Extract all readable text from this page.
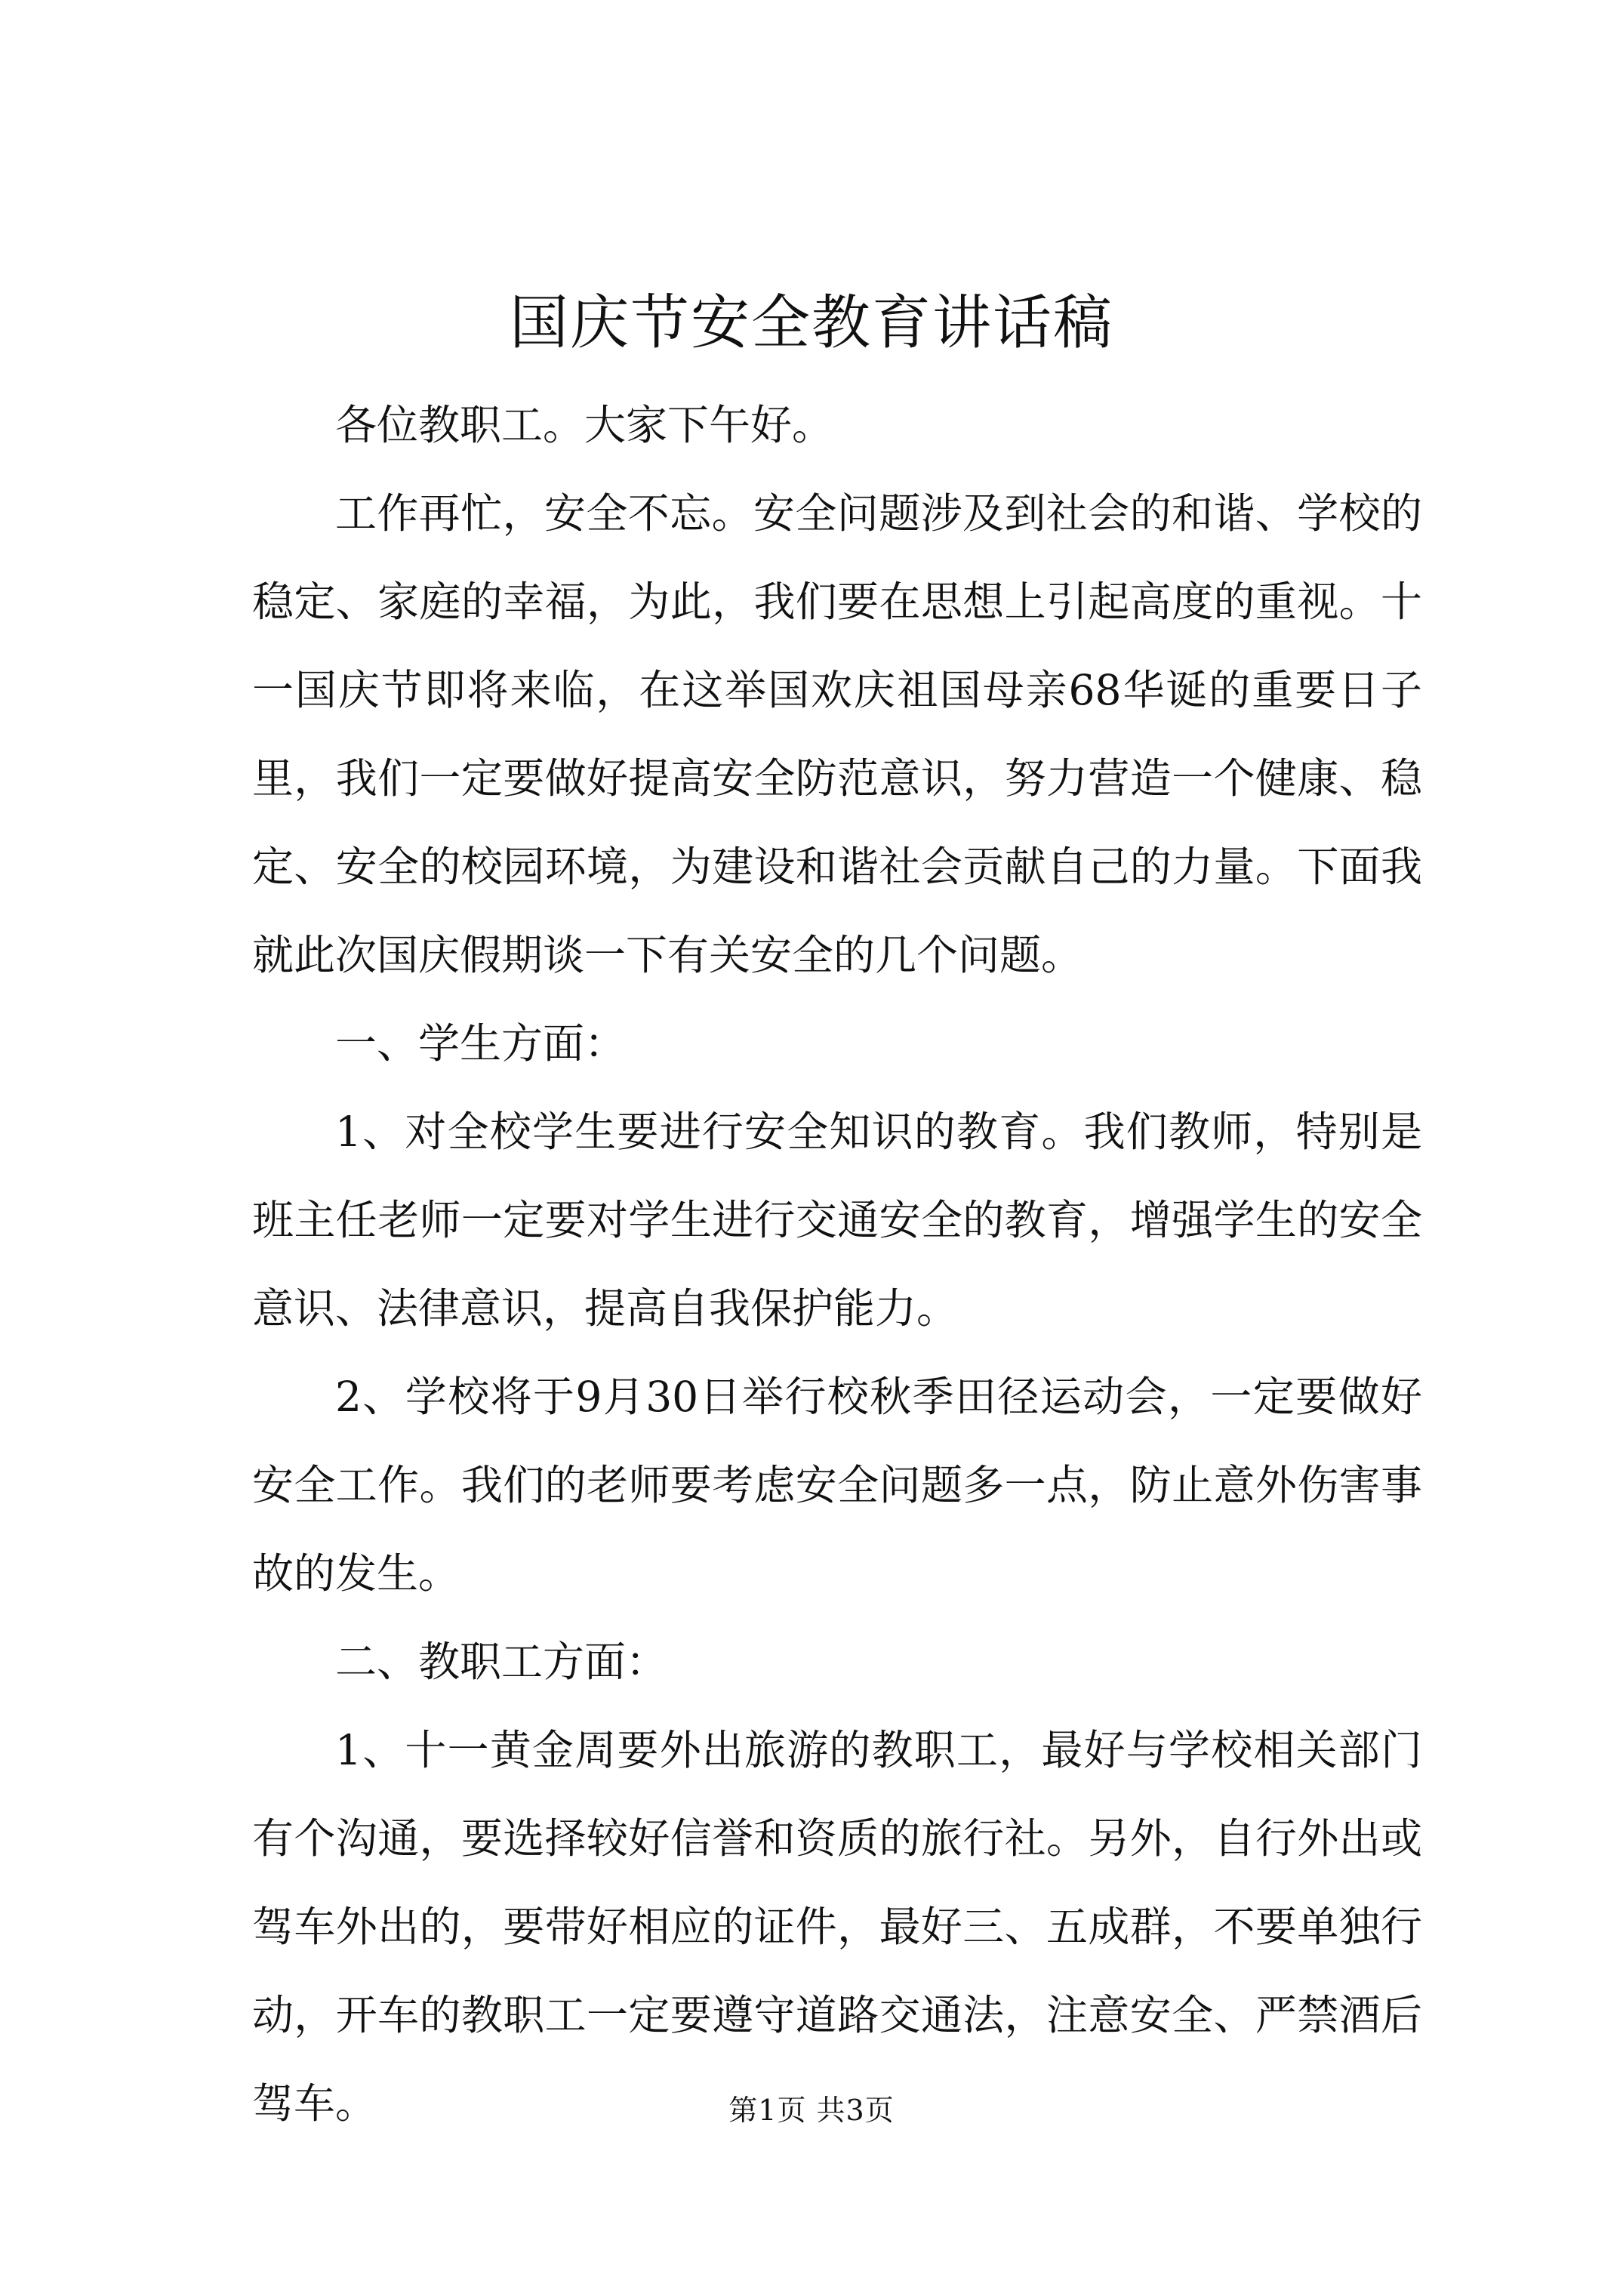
国庆节安全教育讲话稿

各位教职工。大家下午好。

工作再忙，安全不忘。安全问题涉及到社会的和谐、学校的稳定、家庭的幸福，为此，我们要在思想上引起高度的重视。十一国庆节即将来临，在这举国欢庆祖国母亲68华诞的重要日子里，我们一定要做好提高安全防范意识，努力营造一个健康、稳定、安全的校园环境，为建设和谐社会贡献自己的力量。下面我就此次国庆假期谈一下有关安全的几个问题。

一、学生方面：

1、对全校学生要进行安全知识的教育。我们教师，特别是班主任老师一定要对学生进行交通安全的教育，增强学生的安全意识、法律意识，提高自我保护能力。

2、学校将于9月30日举行校秋季田径运动会，一定要做好安全工作。我们的老师要考虑安全问题多一点，防止意外伤害事故的发生。

二、教职工方面：

1、十一黄金周要外出旅游的教职工，最好与学校相关部门有个沟通，要选择较好信誉和资质的旅行社。另外，自行外出或驾车外出的，要带好相应的证件，最好三、五成群，不要单独行动，开车的教职工一定要遵守道路交通法，注意安全、严禁酒后驾车。	第1页 共3页
